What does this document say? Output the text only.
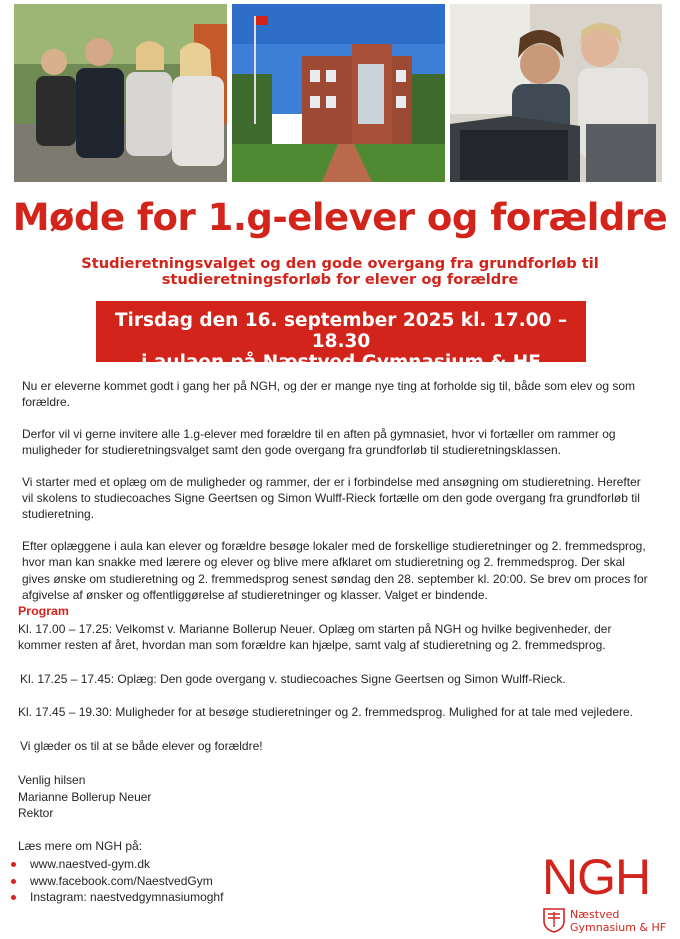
Møde for 1.g-elever og forældre
Studieretningsvalget og den gode overgang fra grundforløb til studieretningsforløb for elever og forældre
Tirsdag den 16. september 2025 kl. 17.00 – 18.30
i aulaen på Næstved Gymnasium & HF

Nu er eleverne kommet godt i gang her på NGH, og der er mange nye ting at forholde sig til, både som elev og som forældre.

Derfor vil vi gerne invitere alle 1.g-elever med forældre til en aften på gymnasiet, hvor vi fortæller om rammer og muligheder for studieretningsvalget samt den gode overgang fra grundforløb til studieretningsklassen.

Vi starter med et oplæg om de muligheder og rammer, der er i forbindelse med ansøgning om studieretning. Herefter vil skolens to studiecoaches Signe Geertsen og Simon Wulff-Rieck fortælle om den gode overgang fra grundforløb til studieretning.

Efter oplæggene i aula kan elever og forældre besøge lokaler med de forskellige studieretninger og 2. fremmedsprog, hvor man kan snakke med lærere og elever og blive mere afklaret om studieretning og 2. fremmedsprog. Der skal gives ønske om studieretning og 2. fremmedsprog senest søndag den 28. september kl. 20:00. Se brev om proces for afgivelse af ønsker og offentliggørelse af studieretninger og klasser. Valget er bindende.

Program
Kl. 17.00 – 17.25: Velkomst v. Marianne Bollerup Neuer. Oplæg om starten på NGH og hvilke begivenheder, der kommer resten af året, hvordan man som forældre kan hjælpe, samt valg af studieretning og 2. fremmedsprog.
Kl. 17.25 – 17.45: Oplæg: Den gode overgang v. studiecoaches Signe Geertsen og Simon Wulff-Rieck.
Kl. 17.45 – 19.30: Muligheder for at besøge studieretninger og 2. fremmedsprog. Mulighed for at tale med vejledere.
Vi glæder os til at se både elever og forældre!
Venlig hilsen
Marianne Bollerup Neuer
Rektor
Læs mere om NGH på:
www.naestved-gym.dk
www.facebook.com/NaestvedGym
Instagram: naestvedgymnasiumoghf	NGH
Næstved
Gymnasium & HF
